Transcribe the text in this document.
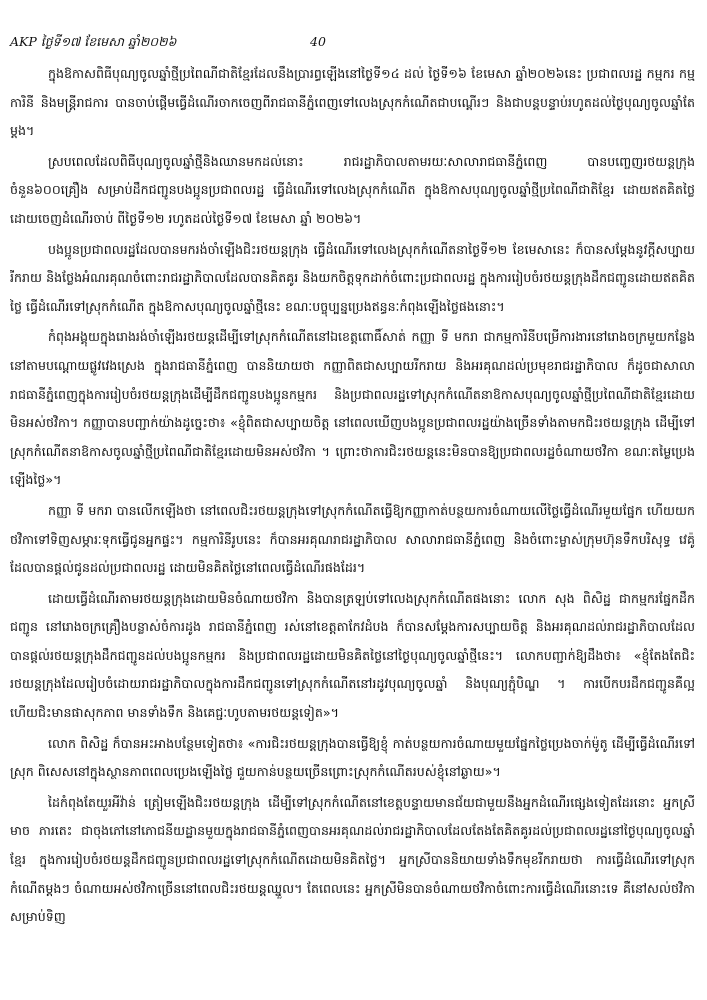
AKP ថ្ងៃទី១៧ ខែមេសា ឆ្នាំ២០២៦	40

ក្នុងឱកាសពិធីបុណ្យចូលឆ្នាំថ្មីប្រពៃណីជាតិខ្មែរដែលនឹងប្រារព្ធឡើងនៅថ្ងៃទី១៤ ដល់ ថ្ងៃទី១៦ ខែមេសា ឆ្នាំ២០២៦នេះ ប្រជាពលរដ្ឋ កម្មករ កម្មការិនី និងមន្ត្រីរាជការ បានចាប់ផ្តើមធ្វើដំណើរចាកចេញពីរាជធានីភ្នំពេញទៅលេងស្រុកកំណើតជាបណ្តើរៗ និងជាបន្តបន្ទាប់រហូតដល់ថ្ងៃបុណ្យចូលឆ្នាំតែម្តង។

ស្របពេលដែលពិធីបុណ្យចូលឆ្នាំថ្មីនិងឈានមកដល់នោះ រាជរដ្ឋាភិបាលតាមរយៈសាលារាជធានីភ្នំពេញ បានបញ្ចេញរថយន្តក្រុងចំនួន៦០០គ្រឿង សម្រាប់ដឹកជញ្ជូនបងប្អូនប្រជាពលរដ្ឋ ធ្វើដំណើរទៅលេងស្រុកកំណើត ក្នុងឱកាសបុណ្យចូលឆ្នាំថ្មីប្រពៃណីជាតិខ្មែរ ដោយឥតគិតថ្លៃ ដោយចេញដំណើរចាប់ ពីថ្ងៃទី១២ រហូតដល់ថ្ងៃទី១៧ ខែមេសា ឆ្នាំ ២០២៦។

បងប្អូនប្រជាពលរដ្ឋដែលបានមករង់ចាំឡើងជិះរថយន្តក្រុង ធ្វើដំណើរទៅលេងស្រុកកំណើតនាថ្ងៃទី១២ ខែមេសានេះ ក៏បានសម្តែងនូវក្តីសប្បាយរីករាយ និងថ្លែងអំណរគុណចំពោះរាជរដ្ឋាភិបាលដែលបានគិតគូរ និងយកចិត្តទុកដាក់ចំពោះប្រជាពលរដ្ឋ ក្នុងការរៀបចំរថយន្តក្រុងដឹកជញ្ជូនដោយឥតគិតថ្លៃ ធ្វើដំណើរទៅស្រុកកំណើត ក្នុងឱកាសបុណ្យចូលឆ្នាំថ្មីនេះ ខណៈបច្ចុប្បន្នប្រេងឥន្ធនៈកំពុងឡើងថ្លៃផងនោះ។

កំពុងអង្គុយក្នុងរោងរង់ចាំឡើងរថយន្តដើម្បីទៅស្រុកកំណើតនៅឯខេត្តពោធិ៍សាត់ កញ្ញា ទី មករា ជាកម្មការិនីបម្រើការងារនៅរោងចក្រមួយកន្លែងនៅតាមបណ្តោយផ្លូវវេងស្រេង ក្នុងរាជធានីភ្នំពេញ បាននិយាយថា កញ្ញាពិតជាសប្បាយរីករាយ និងអរគុណដល់ប្រមុខរាជរដ្ឋាភិបាល ក៏ដូចជាសាលារាជធានីភ្នំពេញក្នុងការរៀបចំរថយន្តក្រុងដើម្បីដឹកជញ្ជូនបងប្អូនកម្មករ និងប្រជាពលរដ្ឋទៅស្រុកកំណើតនាឱកាសបុណ្យចូលឆ្នាំថ្មីប្រពៃណីជាតិខ្មែរដោយមិនអស់ថវិកា។ កញ្ញាបានបញ្ជាក់យ៉ាងដូច្នេះថា៖ «ខ្ញុំពិតជាសប្បាយចិត្ត នៅពេលឃើញបងប្អូនប្រជាពលរដ្ឋយ៉ាងច្រើនទាំងតាមកជិះរថយន្តក្រុង ដើម្បីទៅស្រុកកំណើតនាឱកាសចូលឆ្នាំថ្មីប្រពៃណីជាតិខ្មែរដោយមិនអស់ថវិកា ។ ព្រោះថាការជិះរថយន្តនេះមិនបានឱ្យប្រជាពលរដ្ឋចំណាយថវិកា ខណៈតម្លៃប្រេងឡើងថ្លៃ»។

កញ្ញា ទី មករា បានលើកឡើងថា នៅពេលជិះរថយន្តក្រុងទៅស្រុកកំណើតធ្វើឱ្យកញ្ញាកាត់បន្ថយការចំណាយលើថ្លៃធ្វើដំណើរមួយផ្នែក ហើយយកថវិកាទៅទិញសម្ភារៈទុកធ្វើជូនអ្នកផ្ទះ។ កម្មការិនីរូបនេះ ក៏បានអរគុណរាជរដ្ឋាភិបាល សាលារាជធានីភ្នំពេញ និងចំពោះម្ចាស់ក្រុមហ៊ុនទឹកបរិសុទ្ធ វេគ៉ូ ដែលបានផ្តល់ជូនដល់ប្រជាពលរដ្ឋ ដោយមិនគិតថ្លៃនៅពេលធ្វើដំណើរផងដែរ។

ដោយធ្វើដំណើរតាមរថយន្តក្រុងដោយមិនចំណាយថវិកា និងបានត្រឡប់ទៅលេងស្រុកកំណើតផងនោះ លោក សុង ពិសិដ្ឋ ជាកម្មករផ្នែកដឹកជញ្ជូន នៅរោងចក្រគ្រឿងបន្លាស់ចំការដូង រាជធានីភ្នំពេញ រស់នៅខេត្តតាកែវដំបង ក៏បានសម្តែងការសប្បាយចិត្ត និងអរគុណដល់រាជរដ្ឋាភិបាលដែលបានផ្តល់រថយន្តក្រុងដឹកជញ្ជូនដល់បងប្អូនកម្មករ និងប្រជាពលរដ្ឋដោយមិនគិតថ្លៃនៅថ្ងៃបុណ្យចូលឆ្នាំថ្មីនេះ។ លោកបញ្ជាក់ឱ្យដឹងថា៖ «ខ្ញុំតែងតែជិះរថយន្តក្រុងដែលរៀបចំដោយរាជរដ្ឋាភិបាលក្នុងការដឹកជញ្ជូនទៅស្រុកកំណើតនៅរដូវបុណ្យចូលឆ្នាំ និងបុណ្យភ្ជុំបិណ្ឌ ។ ការបើកបរដឹកជញ្ជូនគឺល្អ ហើយជិះមានផាសុកភាព មានទាំងទឹក និងគេជ្ជៈហូបតាមរថយន្តទៀត»។

លោក ពិសិដ្ឋ ក៏បានអះអាងបន្ថែមទៀតថា៖ «ការជិះរថយន្តក្រុងបានធ្វើឱ្យខ្ញុំ កាត់បន្ថយការចំណាយមួយផ្នែកថ្លៃប្រេងចាក់ម៉ូតូ ដើម្បីធ្វើដំណើរទៅស្រុក ពិសេសនៅក្នុងស្ថានភាពពេលប្រេងឡើងថ្លៃ ជួយកាន់បន្ថយច្រើនព្រោះស្រុកកំណើតរបស់ខ្ញុំនៅឆ្ងាយ»។

ដៃកំពុងតែយួរអីវ៉ាន់ ត្រៀមឡើងជិះរថយន្តក្រុង ដើម្បីទៅស្រុកកំណើតនៅខេត្តបន្ទាយមានជ័យជាមួយនឹងអ្នកដំណើរផ្សេងទៀតដែរនោះ អ្នកស្រី មាច ភារតេះ ជាចុងភៅនៅភោជនីយដ្ឋានមួយក្នុងរាជធានីភ្នំពេញបានអរគុណដល់រាជរដ្ឋាភិបាលដែលតែងតែគិតគូរដល់ប្រជាពលរដ្ឋនៅថ្ងៃបុណ្យចូលឆ្នាំខ្មែរ ក្នុងការរៀបចំរថយន្តដឹកជញ្ជូនប្រជាពលរដ្ឋទៅស្រុកកំណើតដោយមិនគិតថ្លៃ។ អ្នកស្រីបាននិយាយទាំងទឹកមុខរីករាយថា ការធ្វើដំណើរទៅស្រុកកំណើតម្តងៗ ចំណាយអស់ថវិកាច្រើននៅពេលជិះរថយន្តឈ្នួល។ តែពេលនេះ អ្នកស្រីមិនបានចំណាយថវិកាចំពោះការធ្វើដំណើរនោះទេ គឺនៅសល់ថវិកាសម្រាប់ទិញ
